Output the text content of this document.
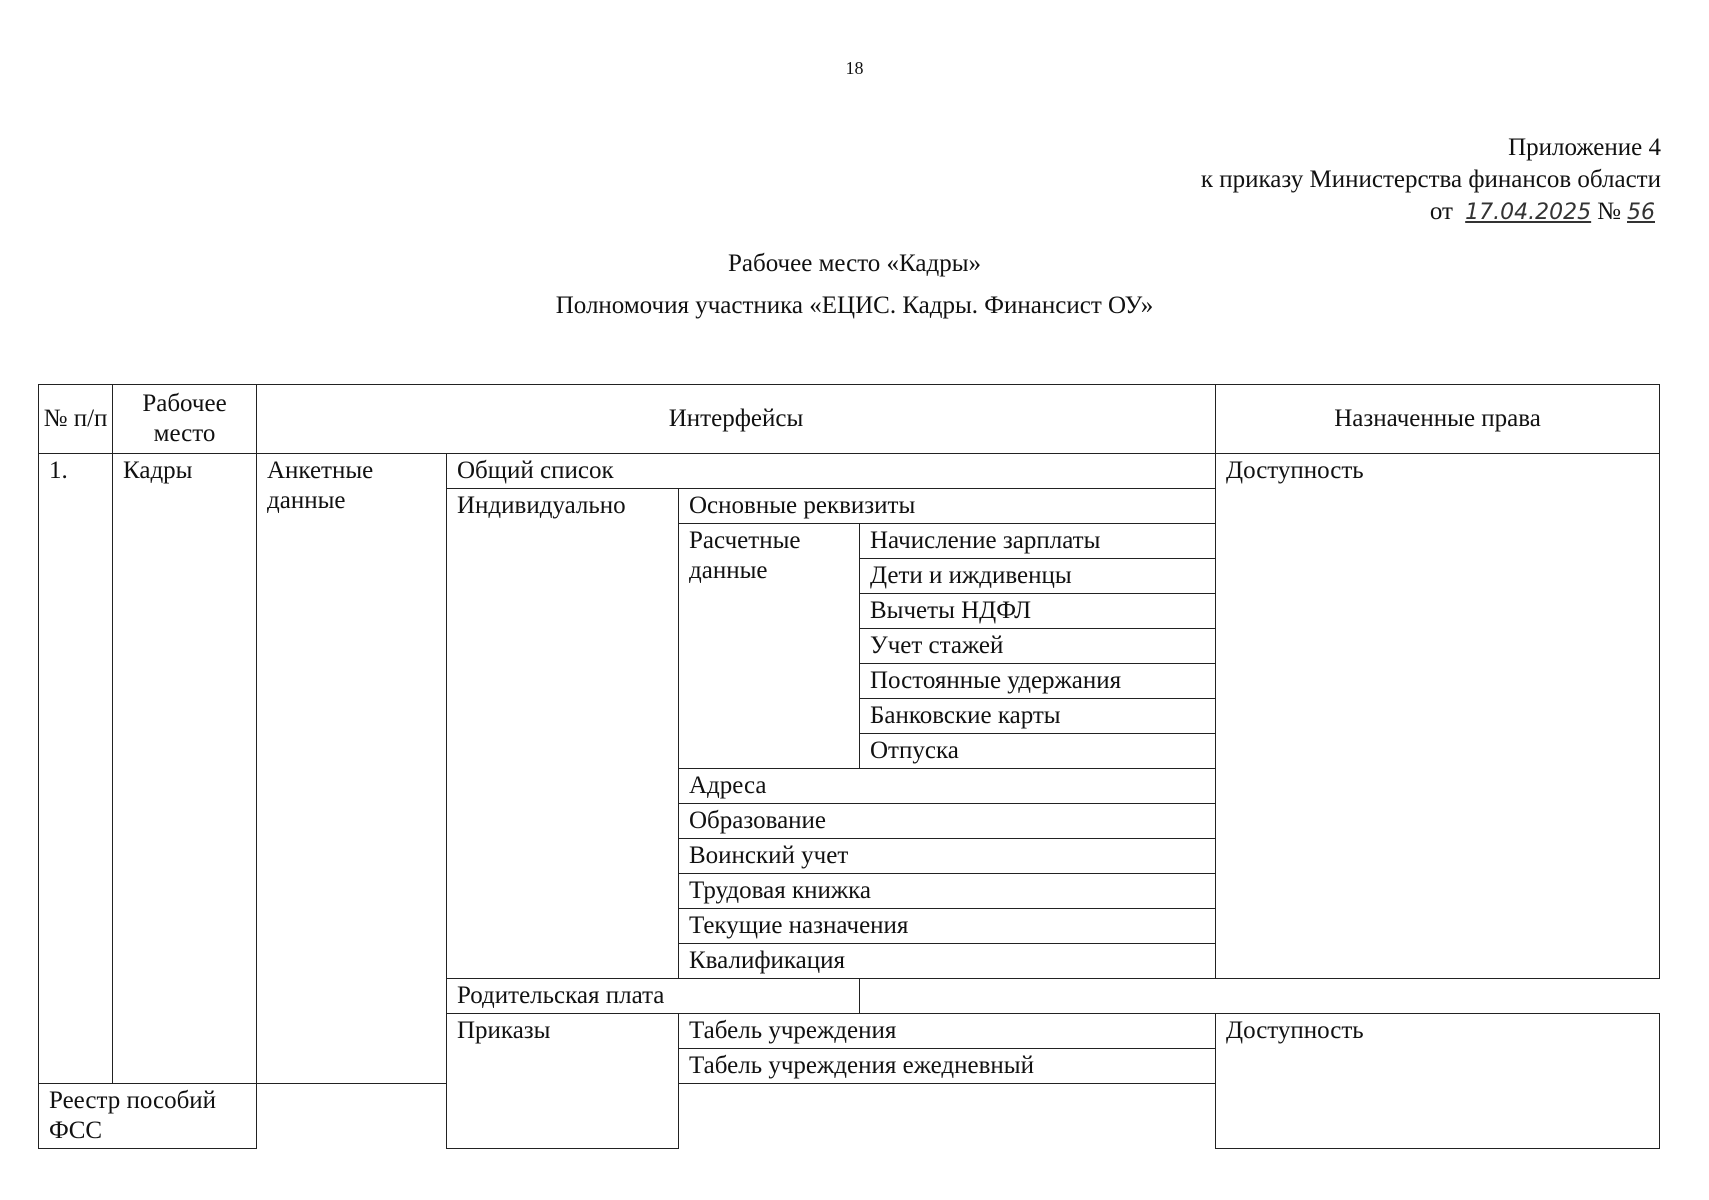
18
Приложение 4
к приказу Министерства финансов области
от 17.04.2025 № 56
Рабочее место «Кадры»
Полномочия участника «ЕЦИС. Кадры. Финансист ОУ»
№ п/п	Рабочее место	Интерфейсы				Назначенные права
1.	Кадры	Анкетные данные	Общий список			Доступность
			Индивидуально	Основные реквизиты		
				Расчетные данные	Начисление зарплаты	
					Дети и иждивенцы	
					Вычеты НДФЛ	
					Учет стажей	
					Постоянные удержания	
					Банковские карты	
					Отпуска	
				Адреса		
				Образование		
				Воинский учет		
				Трудовая книжка		
				Текущие назначения		
				Квалификация		
			Родительская плата			
			Приказы	Табель учреждения		Доступность
				Табель учреждения ежедневный		
Реестр пособий ФСС						
